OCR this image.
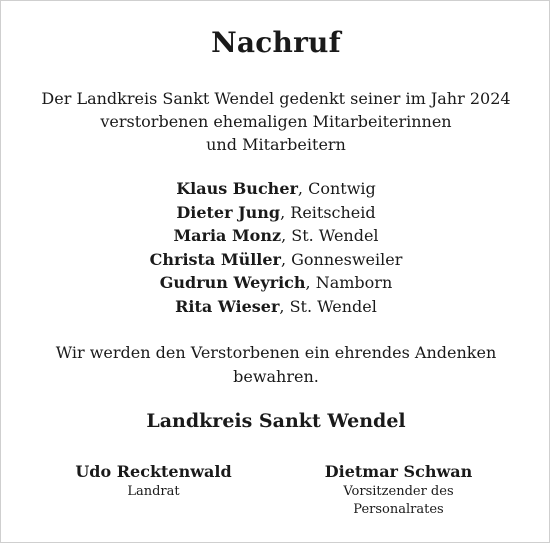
Nachruf
Der Landkreis Sankt Wendel gedenkt seiner im Jahr 2024
verstorbenen ehemaligen Mitarbeiterinnen
und Mitarbeitern
Klaus Bucher, Contwig
Dieter Jung, Reitscheid
Maria Monz, St. Wendel
Christa Müller, Gonnesweiler
Gudrun Weyrich, Namborn
Rita Wieser, St. Wendel
Wir werden den Verstorbenen ein ehrendes Andenken
bewahren.
Landkreis Sankt Wendel
Udo Recktenwald
Landrat
Dietmar Schwan
Vorsitzender des
Personalrates
